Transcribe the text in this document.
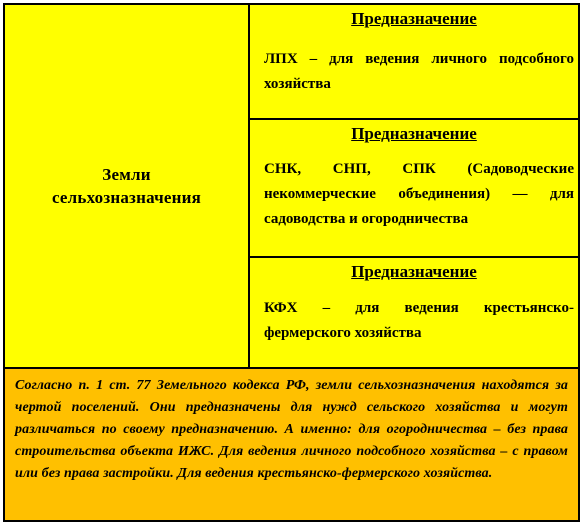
Земли
сельхозназначения
Предназначение
ЛПХ – для ведения личного подсобного хозяйства
Предназначение
СНК, СНП, СПК (Садоводческие некоммерческие объединения) — для садоводства и огородничества
Предназначение
КФХ – для ведения крестьянско-фермерского хозяйства
Согласно п. 1 ст. 77 Земельного кодекса РФ, земли сельхозназначения находятся за чертой поселений. Они предназначены для нужд сельского хозяйства и могут различаться по своему предназначению. А именно: для огородничества – без права строительства объекта ИЖС. Для ведения личного подсобного хозяйства – с правом или без права застройки. Для ведения крестьянско-фермерского хозяйства.
